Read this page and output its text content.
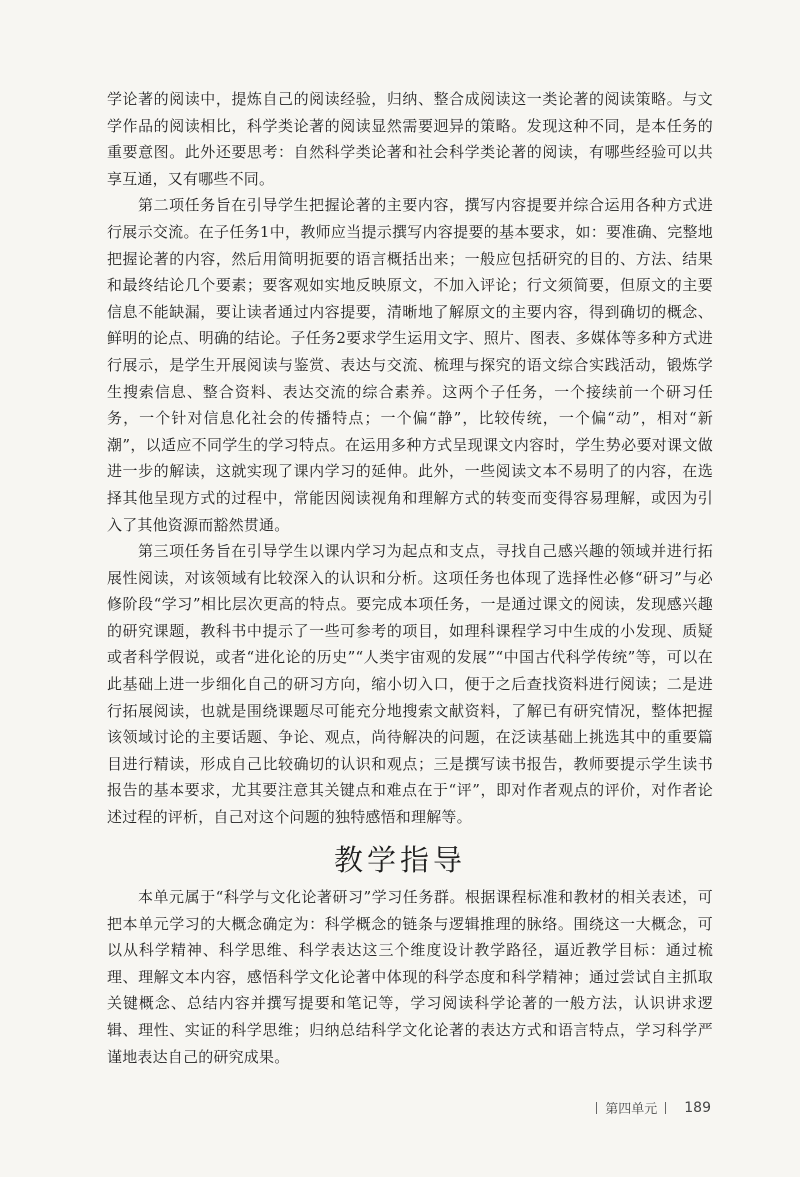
学论著的阅读中，提炼自己的阅读经验，归纳、整合成阅读这一类论著的阅读策略。与文学作品的阅读相比，科学类论著的阅读显然需要迥异的策略。发现这种不同，是本任务的重要意图。此外还要思考：自然科学类论著和社会科学类论著的阅读，有哪些经验可以共享互通，又有哪些不同。

第二项任务旨在引导学生把握论著的主要内容，撰写内容提要并综合运用各种方式进行展示交流。在子任务1中，教师应当提示撰写内容提要的基本要求，如：要准确、完整地把握论著的内容，然后用简明扼要的语言概括出来；一般应包括研究的目的、方法、结果和最终结论几个要素；要客观如实地反映原文，不加入评论；行文须简要，但原文的主要信息不能缺漏，要让读者通过内容提要，清晰地了解原文的主要内容，得到确切的概念、鲜明的论点、明确的结论。子任务2要求学生运用文字、照片、图表、多媒体等多种方式进行展示，是学生开展阅读与鉴赏、表达与交流、梳理与探究的语文综合实践活动，锻炼学生搜索信息、整合资料、表达交流的综合素养。这两个子任务，一个接续前一个研习任务，一个针对信息化社会的传播特点；一个偏“静”，比较传统，一个偏“动”，相对“新潮”，以适应不同学生的学习特点。在运用多种方式呈现课文内容时，学生势必要对课文做进一步的解读，这就实现了课内学习的延伸。此外，一些阅读文本不易明了的内容，在选择其他呈现方式的过程中，常能因阅读视角和理解方式的转变而变得容易理解，或因为引入了其他资源而豁然贯通。

第三项任务旨在引导学生以课内学习为起点和支点，寻找自己感兴趣的领域并进行拓展性阅读，对该领域有比较深入的认识和分析。这项任务也体现了选择性必修“研习”与必修阶段“学习”相比层次更高的特点。要完成本项任务，一是通过课文的阅读，发现感兴趣的研究课题，教科书中提示了一些可参考的项目，如理科课程学习中生成的小发现、质疑或者科学假说，或者“进化论的历史”“人类宇宙观的发展”“中国古代科学传统”等，可以在此基础上进一步细化自己的研习方向，缩小切入口，便于之后查找资料进行阅读；二是进行拓展阅读，也就是围绕课题尽可能充分地搜索文献资料，了解已有研究情况，整体把握该领域讨论的主要话题、争论、观点，尚待解决的问题，在泛读基础上挑选其中的重要篇目进行精读，形成自己比较确切的认识和观点；三是撰写读书报告，教师要提示学生读书报告的基本要求，尤其要注意其关键点和难点在于“评”，即对作者观点的评价，对作者论述过程的评析，自己对这个问题的独特感悟和理解等。

教学指导

本单元属于“科学与文化论著研习”学习任务群。根据课程标准和教材的相关表述，可把本单元学习的大概念确定为：科学概念的链条与逻辑推理的脉络。围绕这一大概念，可以从科学精神、科学思维、科学表达这三个维度设计教学路径，逼近教学目标：通过梳理、理解文本内容，感悟科学文化论著中体现的科学态度和科学精神；通过尝试自主抓取关键概念、总结内容并撰写提要和笔记等，学习阅读科学论著的一般方法，认识讲求逻辑、理性、实证的科学思维；归纳总结科学文化论著的表达方式和语言特点，学习科学严谨地表达自己的研究成果。

第四单元 189
